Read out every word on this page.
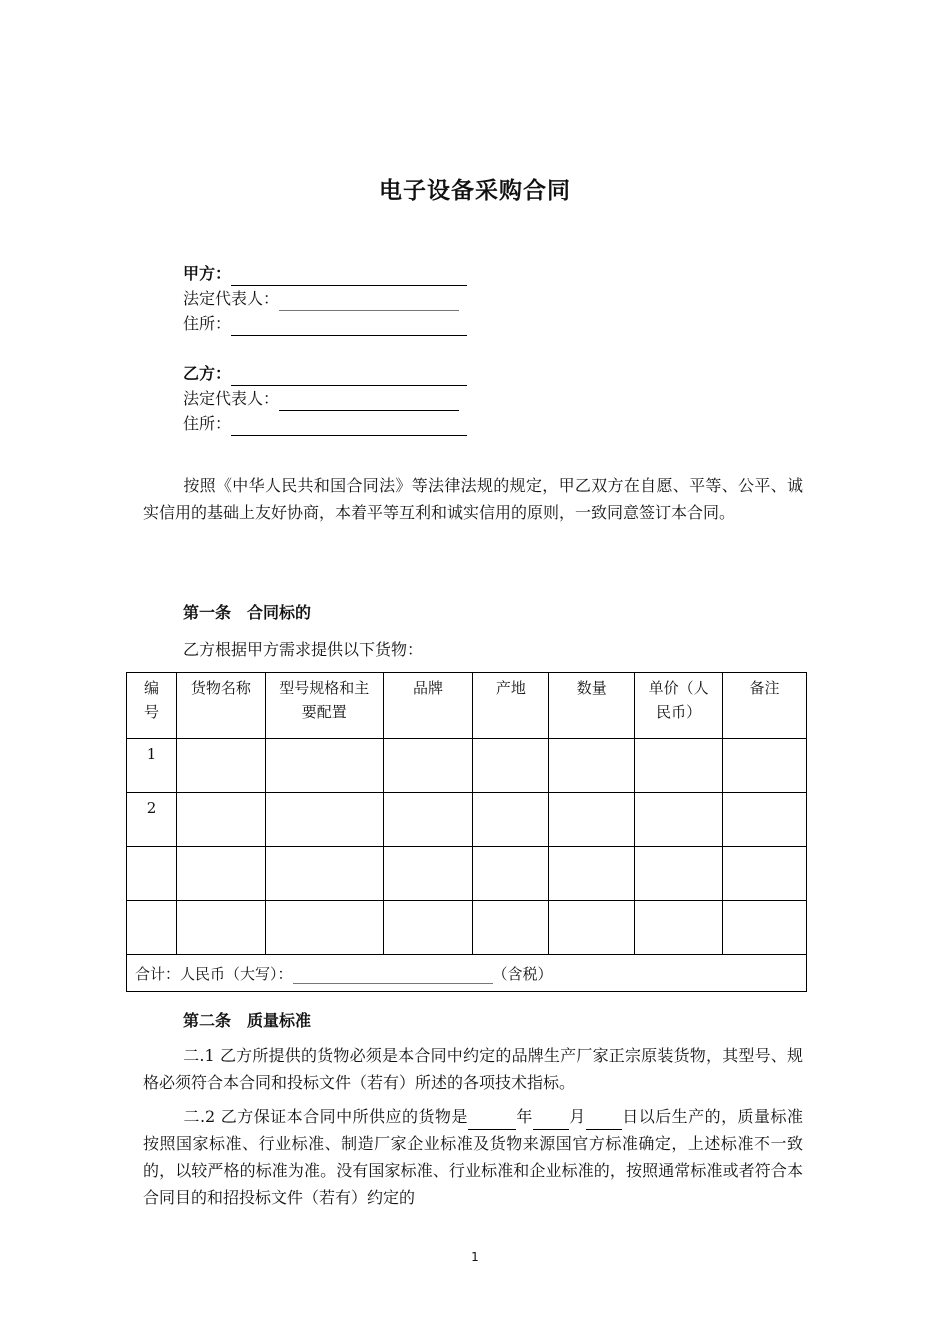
电子设备采购合同
甲方：
法定代表人：
住所：
乙方：
法定代表人：
住所：
按照《中华人民共和国合同法》等法律法规的规定，甲乙双方在自愿、平等、公平、诚实信用的基础上友好协商，本着平等互利和诚实信用的原则，一致同意签订本合同。
第一条 合同标的
乙方根据甲方需求提供以下货物：
编号	货物名称	型号规格和主要配置	品牌	产地	数量	单价（人民币）	备注
1							
2							

合计：人民币（大写）： （含税）							
第二条 质量标准
二.1 乙方所提供的货物必须是本合同中约定的品牌生产厂家正宗原装货物，其型号、规格必须符合本合同和投标文件（若有）所述的各项技术指标。
二.2 乙方保证本合同中所供应的货物是	年 月 日以后生产的，质量标准按照国家标准、行业标准、制造厂家企业标准及货物来源国官方标准确定，上述标准不一致的，以较严格的标准为准。没有国家标准、行业标准和企业标准的，按照通常标准或者符合本合同目的和招投标文件（若有）约定的
1
